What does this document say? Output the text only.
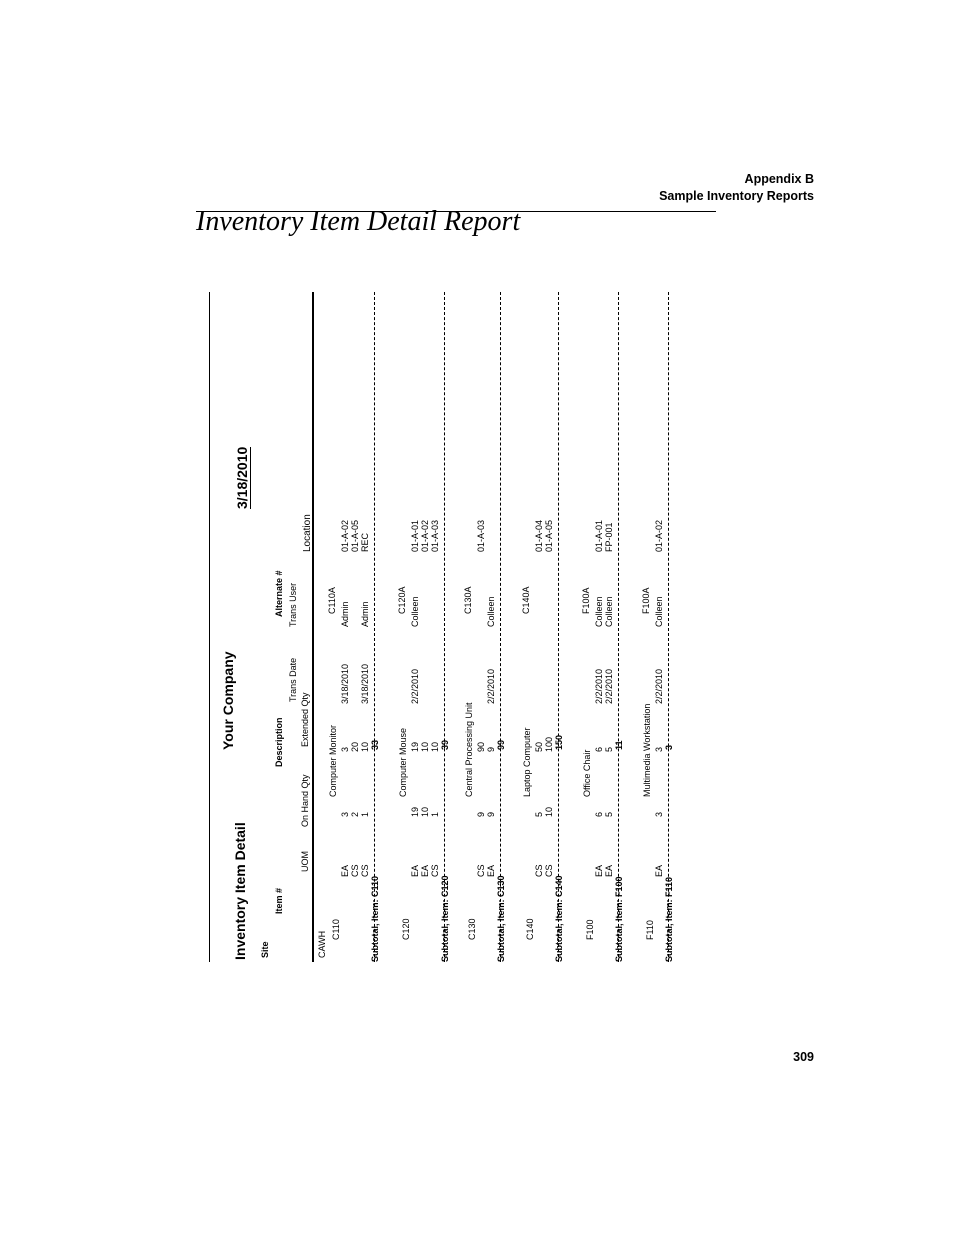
Appendix B
Sample Inventory Reports
Inventory Item Detail Report
Inventory Item Detail
Your Company
3/18/2010
Site
Item #
Description
Alternate #
UOM
On Hand Qty
Extended Qty
Trans Date
Trans User
Location
CAWH
C110
Computer Monitor
C110A
EA
3
3
3/18/2010
Admin
01-A-02
CS
2
20
01-A-05
CS
1
10
3/18/2010
Admin
REC
Subtotal, Item: C110
33
C120
Computer Mouse
C120A
EA
19
19
2/2/2010
Colleen
01-A-01
EA
10
10
01-A-02
CS
1
10
01-A-03
Subtotal, Item: C120
39
C130
Central Processing Unit
C130A
CS
9
90
01-A-03
EA
9
9
2/2/2010
Colleen
Subtotal, Item: C130
99
C140
Laptop Computer
C140A
CS
5
50
01-A-04
CS
10
100
01-A-05
Subtotal, Item: C140
150
F100
Office Chair
F100A
EA
6
6
2/2/2010
Colleen
01-A-01
EA
5
5
2/2/2010
Colleen
FP-001
Subtotal, Item: F100
11
F110
Multimedia Workstation
F100A
EA
3
3
2/2/2010
Colleen
01-A-02
Subtotal, Item: F110
3
309
